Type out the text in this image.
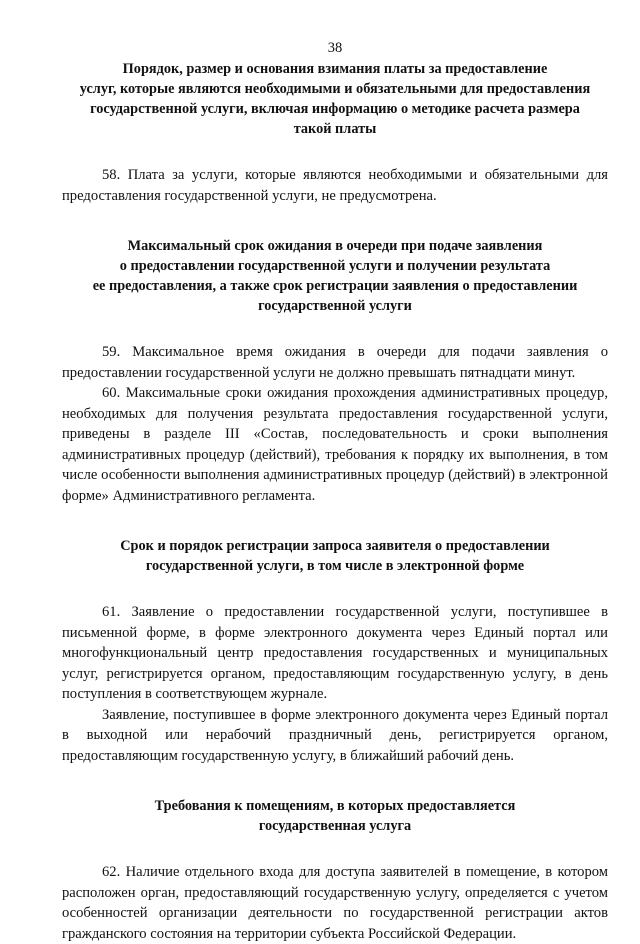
38
Порядок, размер и основания взимания платы за предоставление
услуг, которые являются необходимыми и обязательными для предоставления
государственной услуги, включая информацию о методике расчета размера
такой платы

58. Плата за услуги, которые являются необходимыми и обязательными для предоставления государственной услуги, не предусмотрена.

Максимальный срок ожидания в очереди при подаче заявления
о предоставлении государственной услуги и получении результата
ее предоставления, а также срок регистрации заявления о предоставлении
государственной услуги

59. Максимальное время ожидания в очереди для подачи заявления о предоставлении государственной услуги не должно превышать пятнадцати минут.

60. Максимальные сроки ожидания прохождения административных процедур, необходимых для получения результата предоставления государственной услуги, приведены в разделе III «Состав, последовательность и сроки выполнения административных процедур (действий), требования к порядку их выполнения, в том числе особенности выполнения административных процедур (действий) в электронной форме» Административного регламента.

Срок и порядок регистрации запроса заявителя о предоставлении
государственной услуги, в том числе в электронной форме

61. Заявление о предоставлении государственной услуги, поступившее в письменной форме, в форме электронного документа через Единый портал или многофункциональный центр предоставления государственных и муниципальных услуг, регистрируется органом, предоставляющим государственную услугу, в день поступления в соответствующем журнале.

Заявление, поступившее в форме электронного документа через Единый портал в выходной или нерабочий праздничный день, регистрируется органом, предоставляющим государственную услугу, в ближайший рабочий день.

Требования к помещениям, в которых предоставляется
государственная услуга

62. Наличие отдельного входа для доступа заявителей в помещение, в котором расположен орган, предоставляющий государственную услугу, определяется с учетом особенностей организации деятельности по государственной регистрации актов гражданского состояния на территории субъекта Российской Федерации.
